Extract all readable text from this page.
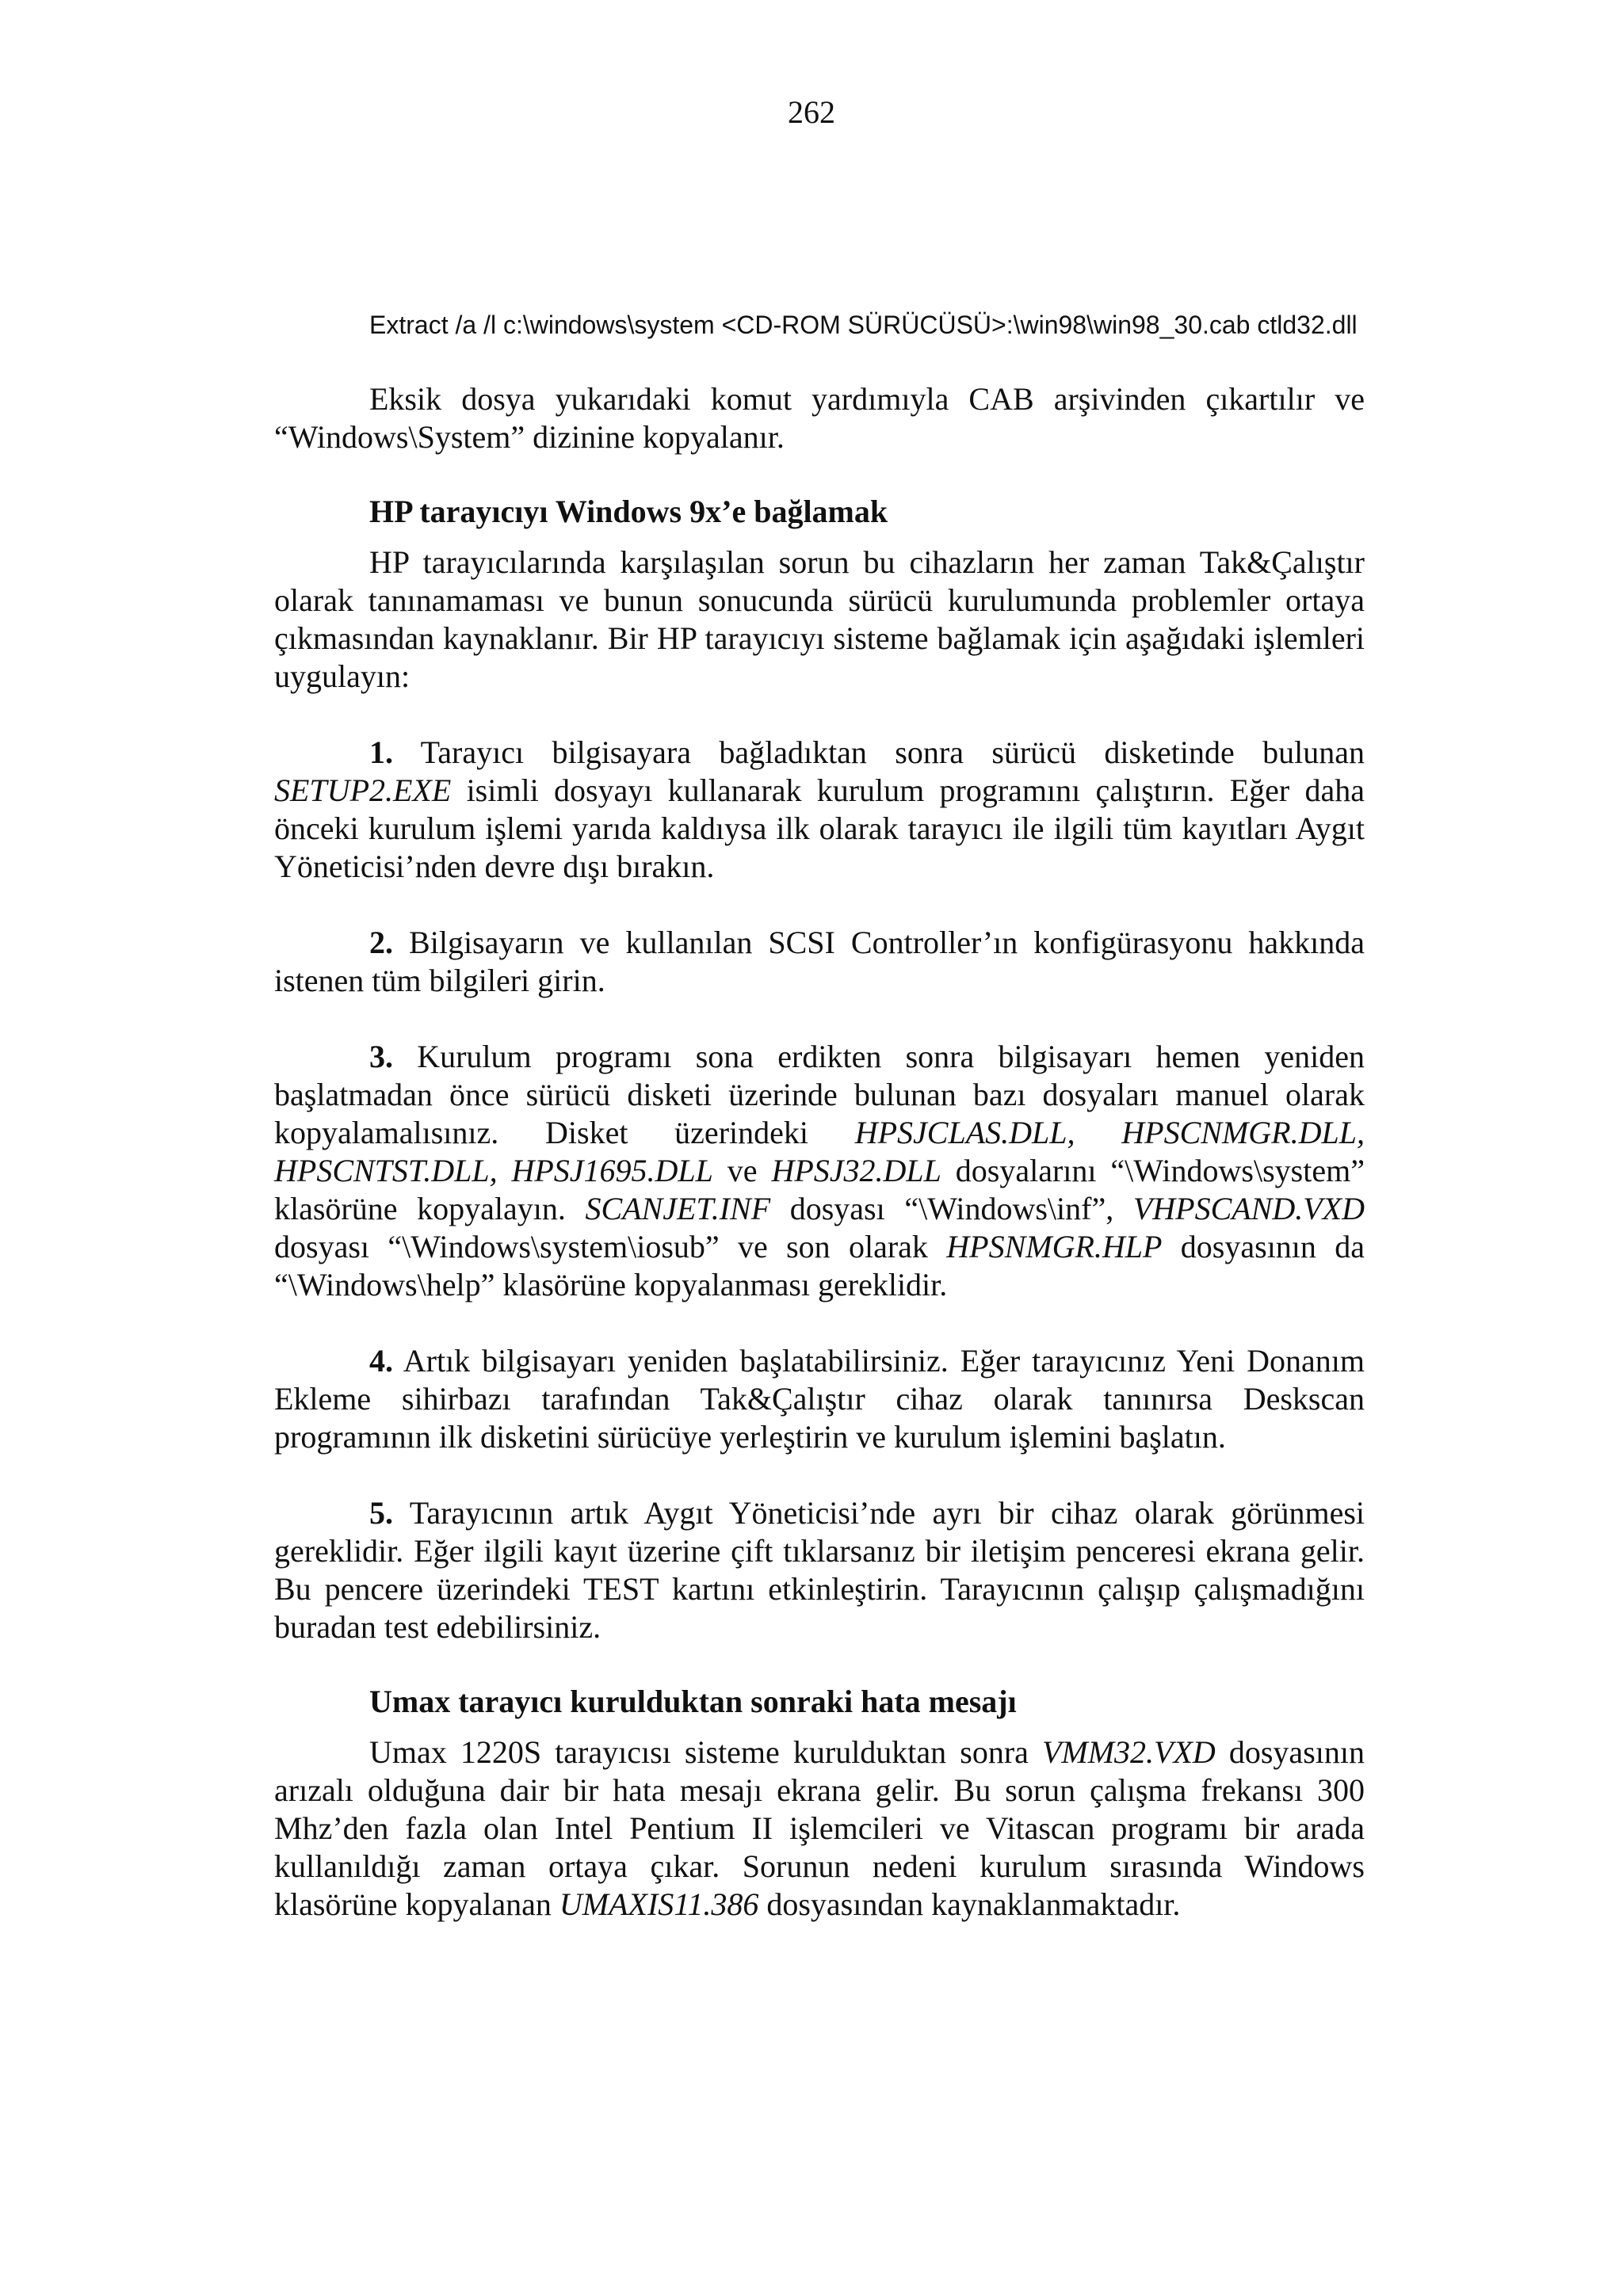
262

Extract /a /l c:\windows\system <CD-ROM SÜRÜCÜSÜ>:\win98\win98_30.cab ctld32.dll

Eksik dosya yukarıdaki komut yardımıyla CAB arşivinden çıkartılır ve “Windows\System” dizinine kopyalanır.

HP tarayıcıyı Windows 9x’e bağlamak

HP tarayıcılarında karşılaşılan sorun bu cihazların her zaman Tak&Çalıştır olarak tanınamaması ve bunun sonucunda sürücü kurulumunda problemler ortaya çıkmasından kaynaklanır. Bir HP tarayıcıyı sisteme bağlamak için aşağıdaki işlemleri uygulayın:

1. Tarayıcı bilgisayara bağladıktan sonra sürücü disketinde bulunan SETUP2.EXE isimli dosyayı kullanarak kurulum programını çalıştırın. Eğer daha önceki kurulum işlemi yarıda kaldıysa ilk olarak tarayıcı ile ilgili tüm kayıtları Aygıt Yöneticisi’nden devre dışı bırakın.

2. Bilgisayarın ve kullanılan SCSI Controller’ın konfigürasyonu hakkında istenen tüm bilgileri girin.

3. Kurulum programı sona erdikten sonra bilgisayarı hemen yeniden başlatmadan önce sürücü disketi üzerinde bulunan bazı dosyaları manuel olarak kopyalamalısınız. Disket üzerindeki HPSJCLAS.DLL, HPSCNMGR.DLL, HPSCNTST.DLL, HPSJ1695.DLL ve HPSJ32.DLL dosyalarını “\Windows\system” klasörüne kopyalayın. SCANJET.INF dosyası “\Windows\inf”, VHPSCAND.VXD dosyası “\Windows\system\iosub” ve son olarak HPSNMGR.HLP dosyasının da “\Windows\help” klasörüne kopyalanması gereklidir.

4. Artık bilgisayarı yeniden başlatabilirsiniz. Eğer tarayıcınız Yeni Donanım Ekleme sihirbazı tarafından Tak&Çalıştır cihaz olarak tanınırsa Deskscan programının ilk disketini sürücüye yerleştirin ve kurulum işlemini başlatın.

5. Tarayıcının artık Aygıt Yöneticisi’nde ayrı bir cihaz olarak görünmesi gereklidir. Eğer ilgili kayıt üzerine çift tıklarsanız bir iletişim penceresi ekrana gelir. Bu pencere üzerindeki TEST kartını etkinleştirin. Tarayıcının çalışıp çalışmadığını buradan test edebilirsiniz.

Umax tarayıcı kurulduktan sonraki hata mesajı

Umax 1220S tarayıcısı sisteme kurulduktan sonra VMM32.VXD dosyasının arızalı olduğuna dair bir hata mesajı ekrana gelir. Bu sorun çalışma frekansı 300 Mhz’den fazla olan Intel Pentium II işlemcileri ve Vitascan programı bir arada kullanıldığı zaman ortaya çıkar. Sorunun nedeni kurulum sırasında Windows klasörüne kopyalanan UMAXIS11.386 dosyasından kaynaklanmaktadır.
